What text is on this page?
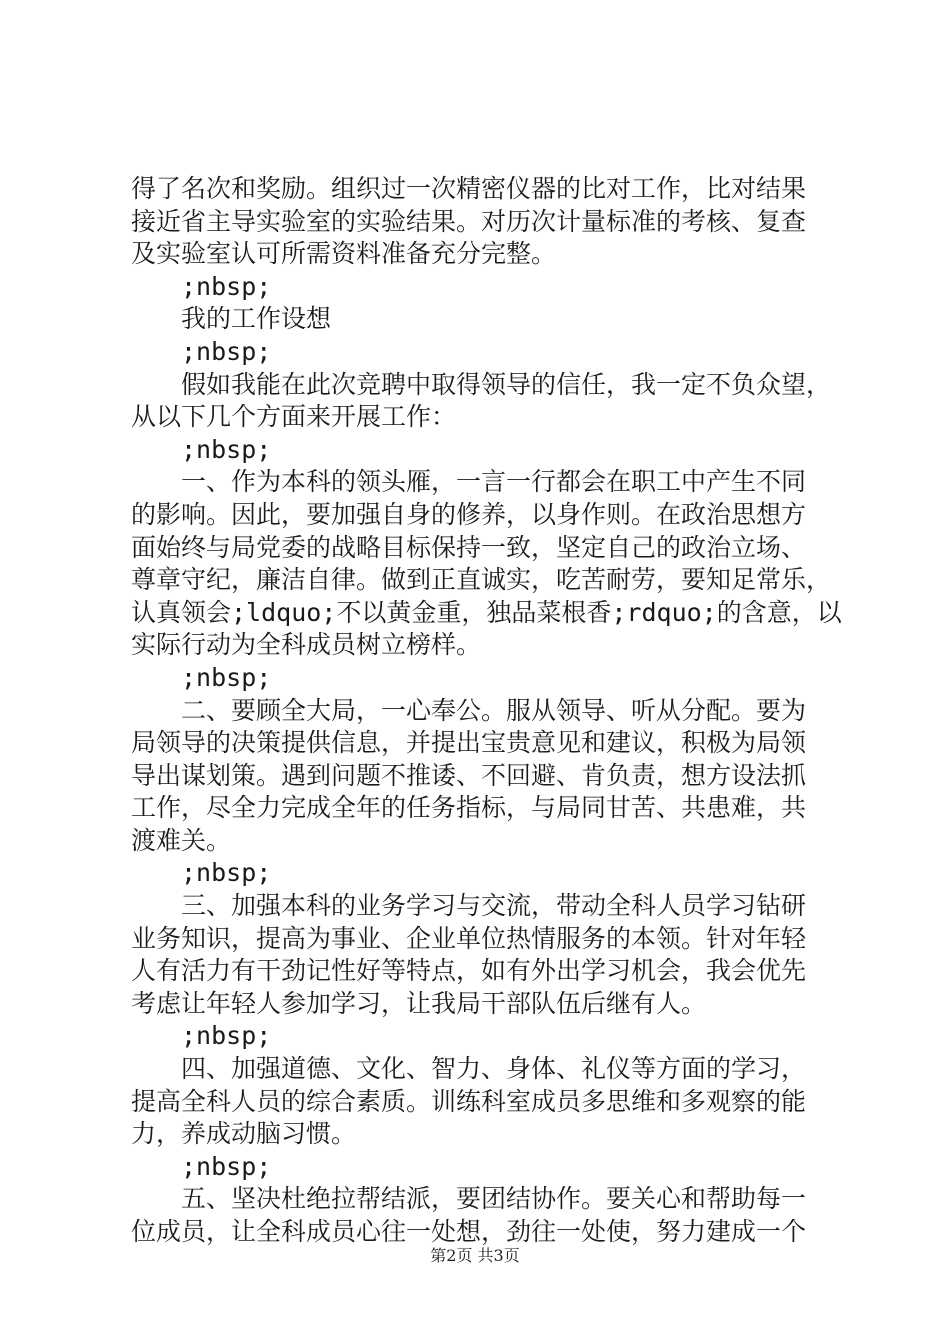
得了名次和奖励。组织过一次精密仪器的比对工作，比对结果
接近省主导实验室的实验结果。对历次计量标准的考核、复查
及实验室认可所需资料准备充分完整。
;nbsp;
我的工作设想
;nbsp;
假如我能在此次竞聘中取得领导的信任，我一定不负众望，
从以下几个方面来开展工作：
;nbsp;
一、作为本科的领头雁，一言一行都会在职工中产生不同
的影响。因此，要加强自身的修养，以身作则。在政治思想方
面始终与局党委的战略目标保持一致，坚定自己的政治立场、
尊章守纪，廉洁自律。做到正直诚实，吃苦耐劳，要知足常乐，
认真领会;ldquo;不以黄金重，独品菜根香;rdquo;的含意，以
实际行动为全科成员树立榜样。
;nbsp;
二、要顾全大局，一心奉公。服从领导、听从分配。要为
局领导的决策提供信息，并提出宝贵意见和建议，积极为局领
导出谋划策。遇到问题不推诿、不回避、肯负责，想方设法抓
工作，尽全力完成全年的任务指标，与局同甘苦、共患难，共
渡难关。
;nbsp;
三、加强本科的业务学习与交流，带动全科人员学习钻研
业务知识，提高为事业、企业单位热情服务的本领。针对年轻
人有活力有干劲记性好等特点，如有外出学习机会，我会优先
考虑让年轻人参加学习，让我局干部队伍后继有人。
;nbsp;
四、加强道德、文化、智力、身体、礼仪等方面的学习，
提高全科人员的综合素质。训练科室成员多思维和多观察的能
力，养成动脑习惯。
;nbsp;
五、坚决杜绝拉帮结派，要团结协作。要关心和帮助每一
位成员，让全科成员心往一处想，劲往一处使，努力建成一个
第2页 共3页
